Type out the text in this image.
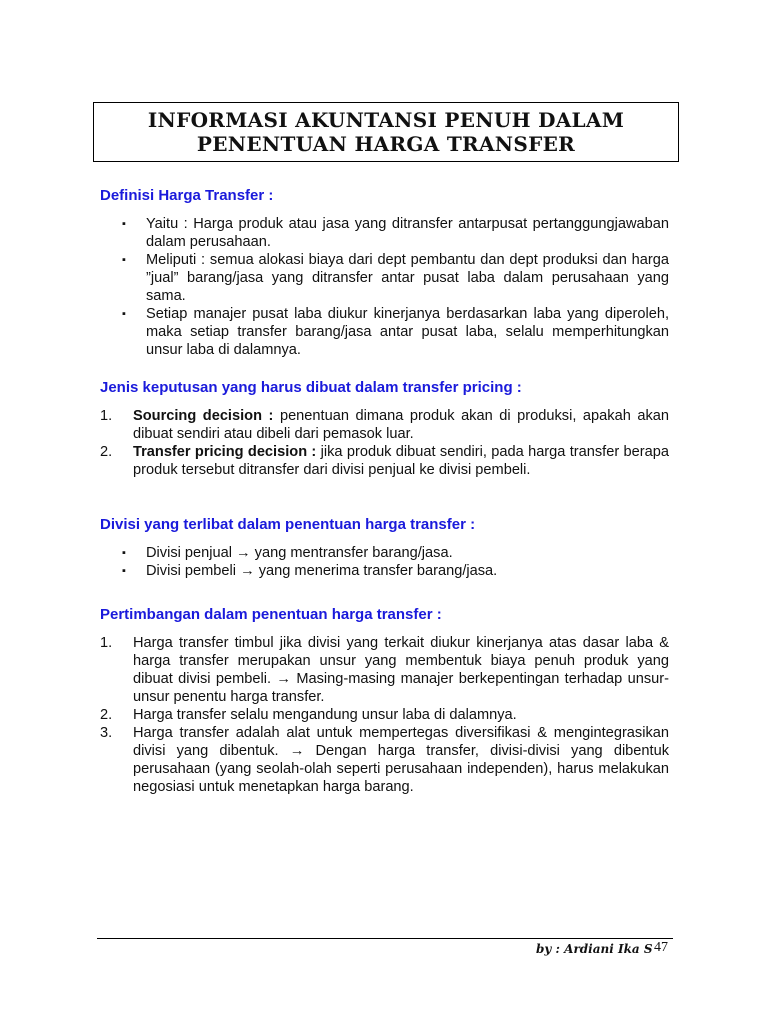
INFORMASI AKUNTANSI PENUH DALAM
PENENTUAN HARGA TRANSFER
Definisi Harga Transfer :
▪ Yaitu : Harga produk atau jasa yang ditransfer antarpusat pertanggungjawaban dalam perusahaan.
▪ Meliputi : semua alokasi biaya dari dept pembantu dan dept produksi dan harga ”jual” barang/jasa yang ditransfer antar pusat laba dalam perusahaan yang sama.
▪ Setiap manajer pusat laba diukur kinerjanya berdasarkan laba yang diperoleh, maka setiap transfer barang/jasa antar pusat laba, selalu memperhitungkan unsur laba di dalamnya.
Jenis keputusan yang harus dibuat dalam transfer pricing :
1. Sourcing decision : penentuan dimana produk akan di produksi, apakah akan dibuat sendiri atau dibeli dari pemasok luar.
2. Transfer pricing decision : jika produk dibuat sendiri, pada harga transfer berapa produk tersebut ditransfer dari divisi penjual ke divisi pembeli.
Divisi yang terlibat dalam penentuan harga transfer :
▪ Divisi penjual → yang mentransfer barang/jasa.
▪ Divisi pembeli → yang menerima transfer barang/jasa.
Pertimbangan dalam penentuan harga transfer :
1. Harga transfer timbul jika divisi yang terkait diukur kinerjanya atas dasar laba & harga transfer merupakan unsur yang membentuk biaya penuh produk yang dibuat divisi pembeli. → Masing-masing manajer berkepentingan terhadap unsur-unsur penentu harga transfer.
2. Harga transfer selalu mengandung unsur laba di dalamnya.
3. Harga transfer adalah alat untuk mempertegas diversifikasi & mengintegrasikan divisi yang dibentuk. → Dengan harga transfer, divisi-divisi yang dibentuk perusahaan (yang seolah-olah seperti perusahaan independen), harus melakukan negosiasi untuk menetapkan harga barang.
by : Ardiani Ika S 47
